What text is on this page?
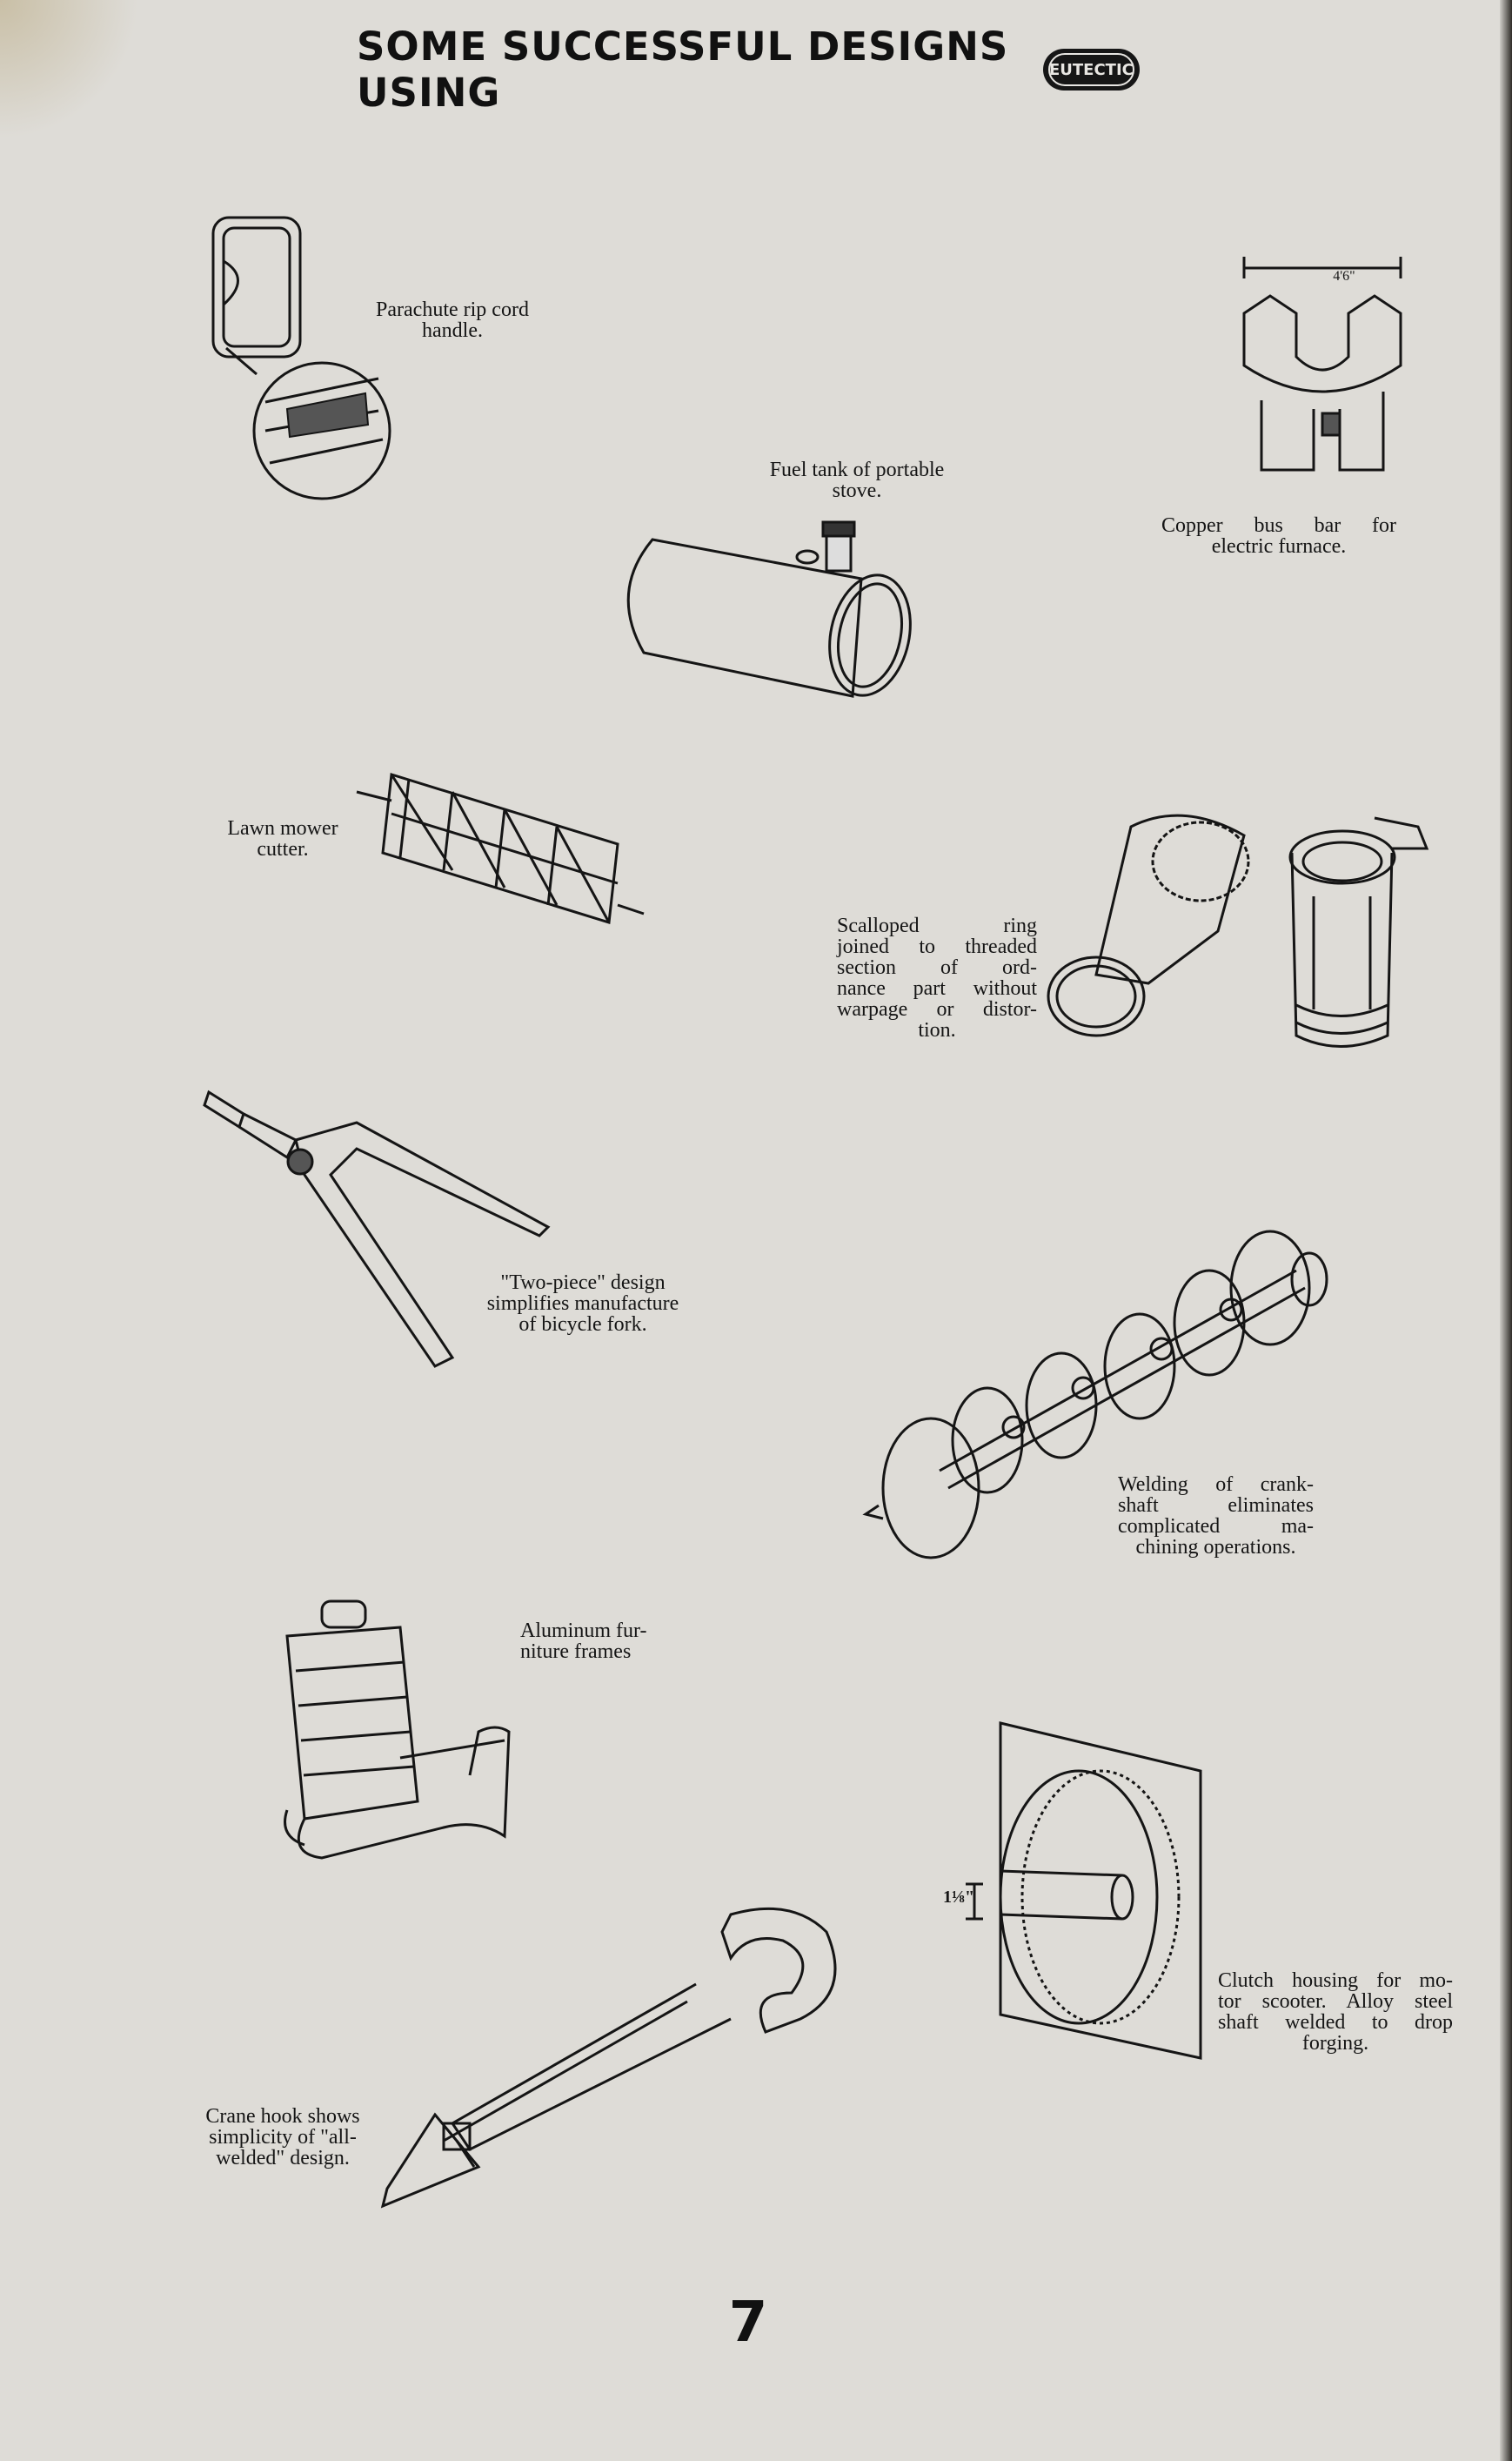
SOME SUCCESSFUL DESIGNS USING	EUTECTIC
Parachute rip cord
handle.
Fuel tank of portable
stove.
4'6"
Copper bus bar for
electric furnace.
Lawn mower
cutter.
Scalloped ring
joined to threaded
section of ord-
nance part without
warpage or distor-
tion.
"Two-piece" design
simplifies manufacture
of bicycle fork.
Welding of crank-
shaft eliminates
complicated ma-
chining operations.
Aluminum fur-
niture frames
1⅛"
Clutch housing for mo-
tor scooter. Alloy steel
shaft welded to drop
forging.
Crane hook shows
simplicity of "all-
welded" design.
7
